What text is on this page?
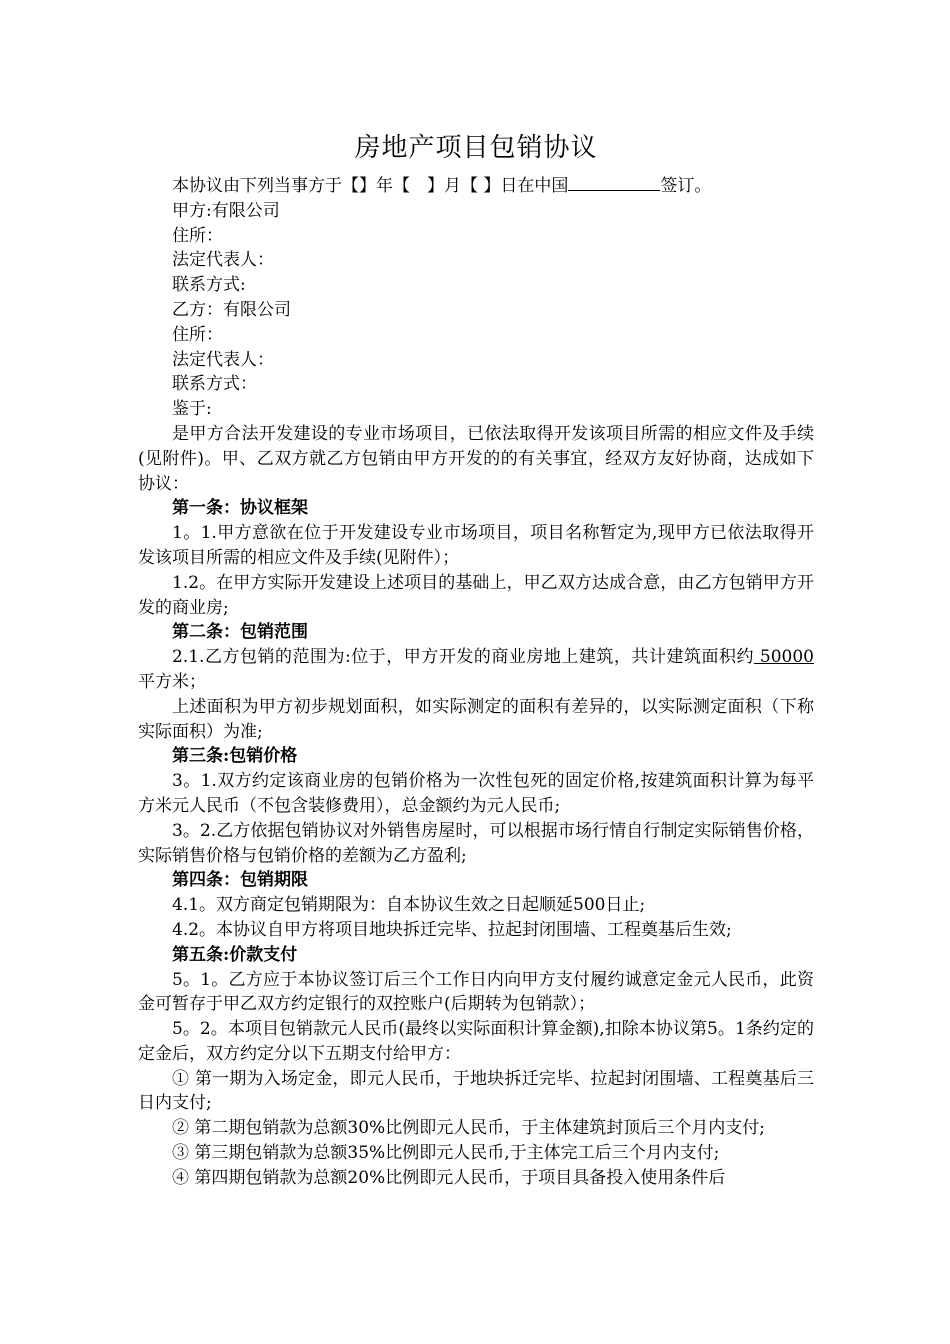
房地产项目包销协议

本协议由下列当事方于【】年【　】月【 】日在中国	签订。

甲方:有限公司

住所：

法定代表人：

联系方式:

乙方：有限公司

住所：

法定代表人：

联系方式：

鉴于:

是甲方合法开发建设的专业市场项目，已依法取得开发该项目所需的相应文件及手续(见附件)。甲、乙双方就乙方包销由甲方开发的的有关事宜，经双方友好协商，达成如下协议：

第一条：协议框架

1。1.甲方意欲在位于开发建设专业市场项目，项目名称暂定为,现甲方已依法取得开发该项目所需的相应文件及手续(见附件）；

1.2。在甲方实际开发建设上述项目的基础上，甲乙双方达成合意，由乙方包销甲方开发的商业房;

第二条：包销范围

2.1.乙方包销的范围为:位于，甲方开发的商业房地上建筑，共计建筑面积约 50000 平方米；

上述面积为甲方初步规划面积，如实际测定的面积有差异的，以实际测定面积（下称实际面积）为准;

第三条:包销价格

3。1.双方约定该商业房的包销价格为一次性包死的固定价格,按建筑面积计算为每平方米元人民币（不包含装修费用），总金额约为元人民币;

3。2.乙方依据包销协议对外销售房屋时，可以根据市场行情自行制定实际销售价格，实际销售价格与包销价格的差额为乙方盈利;

第四条：包销期限

4.1。双方商定包销期限为：自本协议生效之日起顺延500日止;

4.2。本协议自甲方将项目地块拆迁完毕、拉起封闭围墙、工程奠基后生效;

第五条:价款支付

5。1。乙方应于本协议签订后三个工作日内向甲方支付履约诚意定金元人民币，此资金可暂存于甲乙双方约定银行的双控账户(后期转为包销款）；

5。2。本项目包销款元人民币(最终以实际面积计算金额),扣除本协议第5。1条约定的定金后，双方约定分以下五期支付给甲方：

① 第一期为入场定金，即元人民币，于地块拆迁完毕、拉起封闭围墙、工程奠基后三日内支付;

② 第二期包销款为总额30%比例即元人民币，于主体建筑封顶后三个月内支付;

③ 第三期包销款为总额35%比例即元人民币,于主体完工后三个月内支付;

④ 第四期包销款为总额20%比例即元人民币，于项目具备投入使用条件后
